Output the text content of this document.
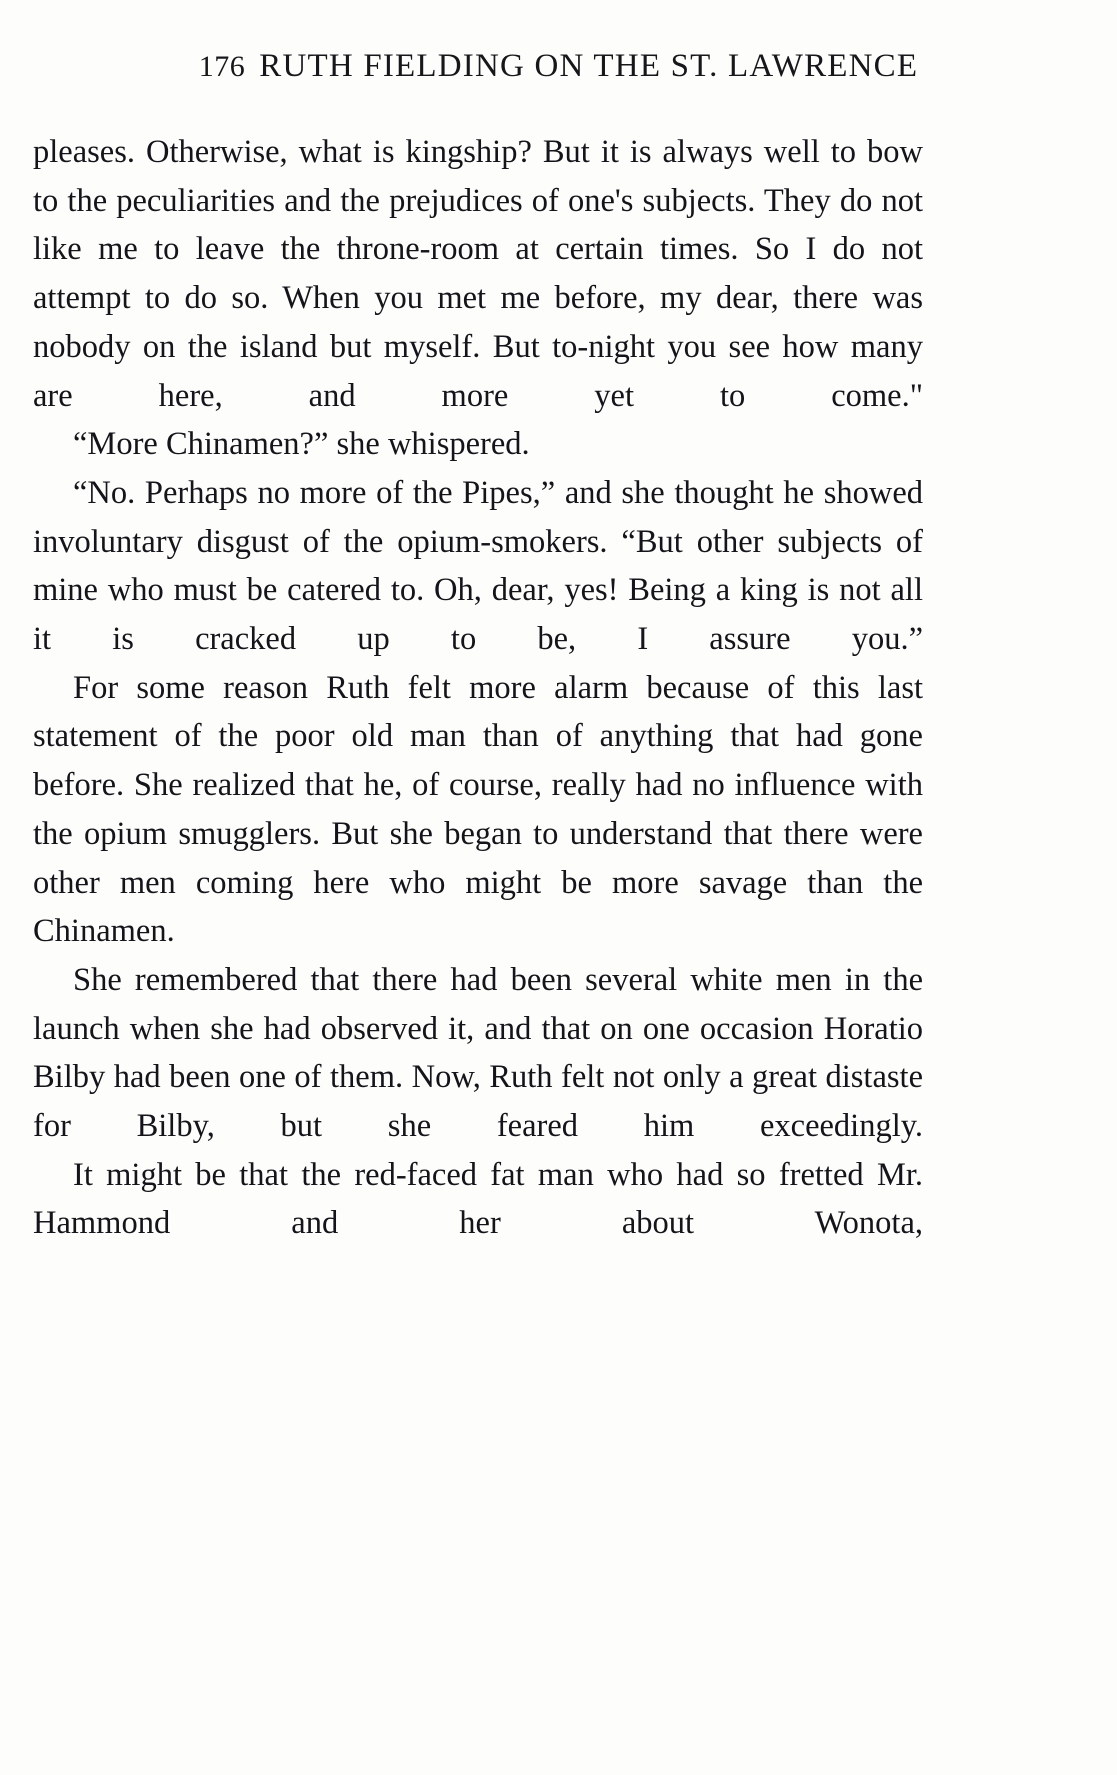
176 RUTH FIELDING ON THE ST. LAWRENCE

pleases. Otherwise, what is kingship? But it is always well to bow to the peculiarities and the prejudices of one's subjects. They do not like me to leave the throne-room at certain times. So I do not attempt to do so. When you met me before, my dear, there was nobody on the island but myself. But to-night you see how many are here, and more yet to come."

“More Chinamen?” she whispered.

“No. Perhaps no more of the Pipes,” and she thought he showed involuntary disgust of the opium-smokers. “But other subjects of mine who must be catered to. Oh, dear, yes! Being a king is not all it is cracked up to be, I assure you.”

For some reason Ruth felt more alarm because of this last statement of the poor old man than of anything that had gone before. She realized that he, of course, really had no influence with the opium smugglers. But she began to understand that there were other men coming here who might be more savage than the Chinamen.

She remembered that there had been several white men in the launch when she had observed it, and that on one occasion Horatio Bilby had been one of them. Now, Ruth felt not only a great distaste for Bilby, but she feared him exceedingly.

It might be that the red-faced fat man who had so fretted Mr. Hammond and her about Wonota,
